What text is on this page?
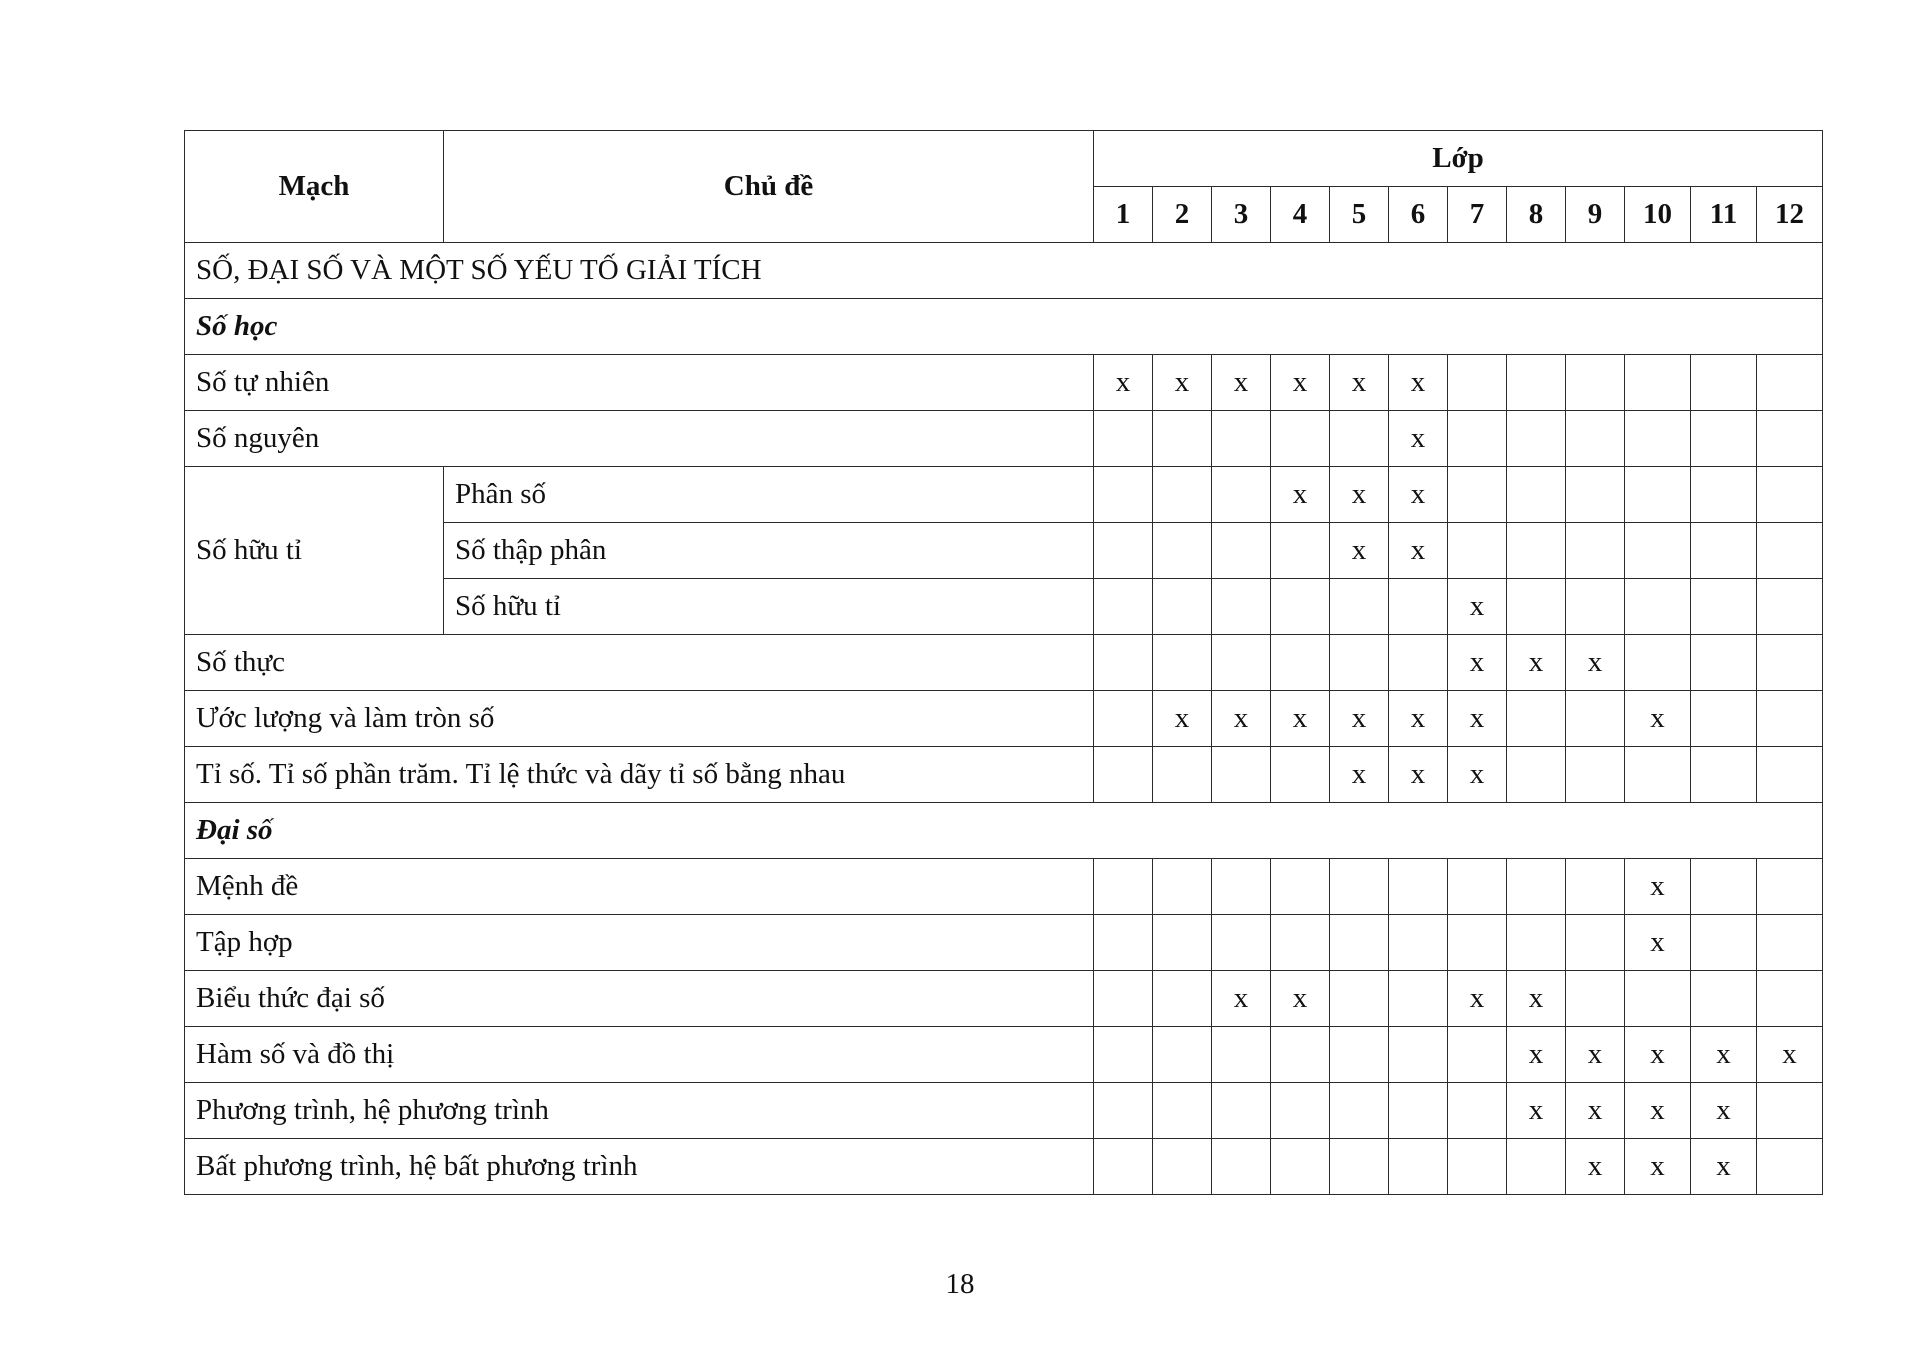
Mạch	Chủ đề	Lớp											
		1	2	3	4	5	6	7	8	9	10	11	12
SỐ, ĐẠI SỐ VÀ MỘT SỐ YẾU TỐ GIẢI TÍCH													
Số học													
Số tự nhiên		x	x	x	x	x	x						
Số nguyên							x						
Số hữu tỉ	Phân số				x	x	x						
	Số thập phân					x	x						
	Số hữu tỉ							x					
Số thực								x	x	x			
Ước lượng và làm tròn số			x	x	x	x	x	x			x		
Tỉ số. Tỉ số phần trăm. Tỉ lệ thức và dãy tỉ số bằng nhau						x	x	x					
Đại số													
Mệnh đề											x		
Tập hợp											x		
Biểu thức đại số				x	x			x	x				
Hàm số và đồ thị									x	x	x	x	x
Phương trình, hệ phương trình									x	x	x	x	
Bất phương trình, hệ bất phương trình										x	x	x	
18
